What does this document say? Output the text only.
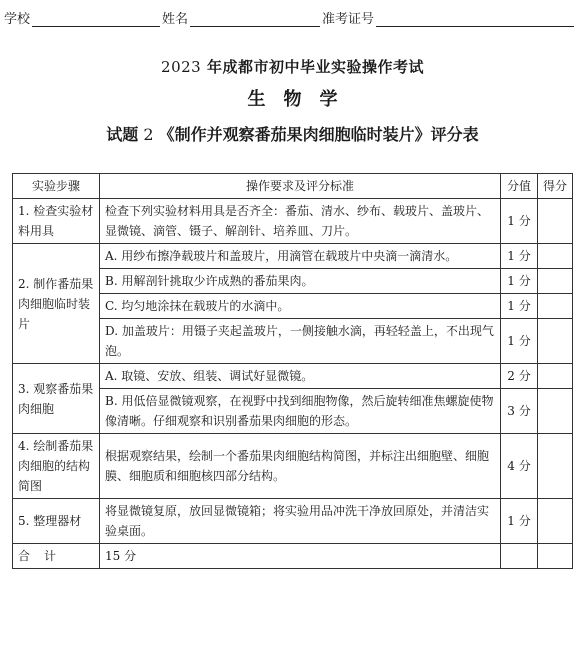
学校	姓名	准考证号
2023 年成都市初中毕业实验操作考试
生物学
试题 2 《制作并观察番茄果肉细胞临时装片》评分表
实验步骤	操作要求及评分标准	分值	得分
1. 检查实验材料用具	检查下列实验材料用具是否齐全：番茄、清水、纱布、载玻片、盖玻片、显微镜、滴管、镊子、解剖针、培养皿、刀片。	1 分	
2. 制作番茄果肉细胞临时装片	A. 用纱布擦净载玻片和盖玻片，用滴管在载玻片中央滴一滴清水。	1 分	
	B. 用解剖针挑取少许成熟的番茄果肉。	1 分	
	C. 均匀地涂抹在载玻片的水滴中。	1 分	
	D. 加盖玻片：用镊子夹起盖玻片，一侧接触水滴，再轻轻盖上，不出现气泡。	1 分	
3. 观察番茄果肉细胞	A. 取镜、安放、组装、调试好显微镜。	2 分	
	B. 用低倍显微镜观察，在视野中找到细胞物像，然后旋转细准焦螺旋使物像清晰。仔细观察和识别番茄果肉细胞的形态。	3 分	
4. 绘制番茄果肉细胞的结构简图	根据观察结果，绘制一个番茄果肉细胞结构简图，并标注出细胞壁、细胞膜、细胞质和细胞核四部分结构。	4 分	
5. 整理器材	将显微镜复原，放回显微镜箱；将实验用品冲洗干净放回原处，并清洁实验桌面。	1 分	
合计	15 分		
